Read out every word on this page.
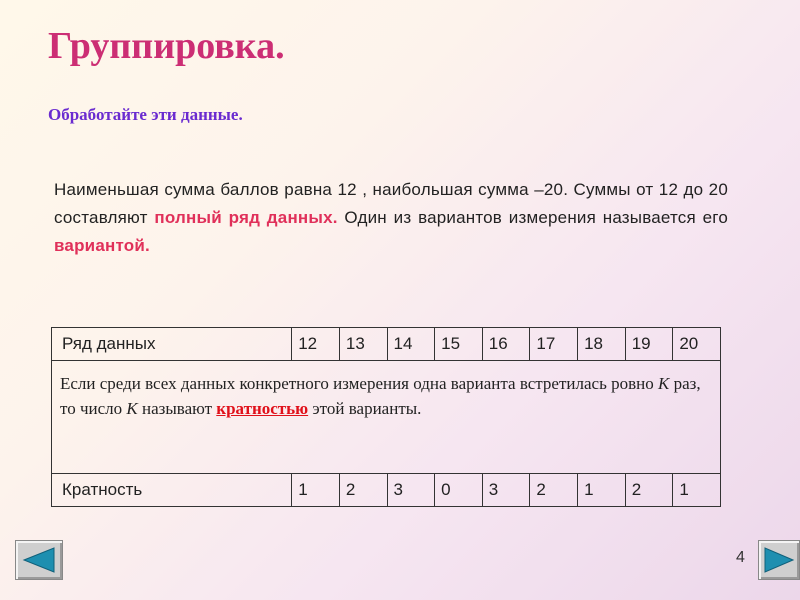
Группировка.
Обработайте эти данные.
Наименьшая сумма баллов равна 12 , наибольшая сумма –20. Суммы от 12 до 20 составляют полный ряд данных. Один из вариантов измерения называется его вариантой.
Ряд данных	12	13	14	15	16	17	18	19	20

Если среди всех данных конкретного измерения одна варианта встретилась ровно K раз, то число K называют кратностью этой варианты.									

Кратность	1	2	3	0	3	2	1	2	1
4
